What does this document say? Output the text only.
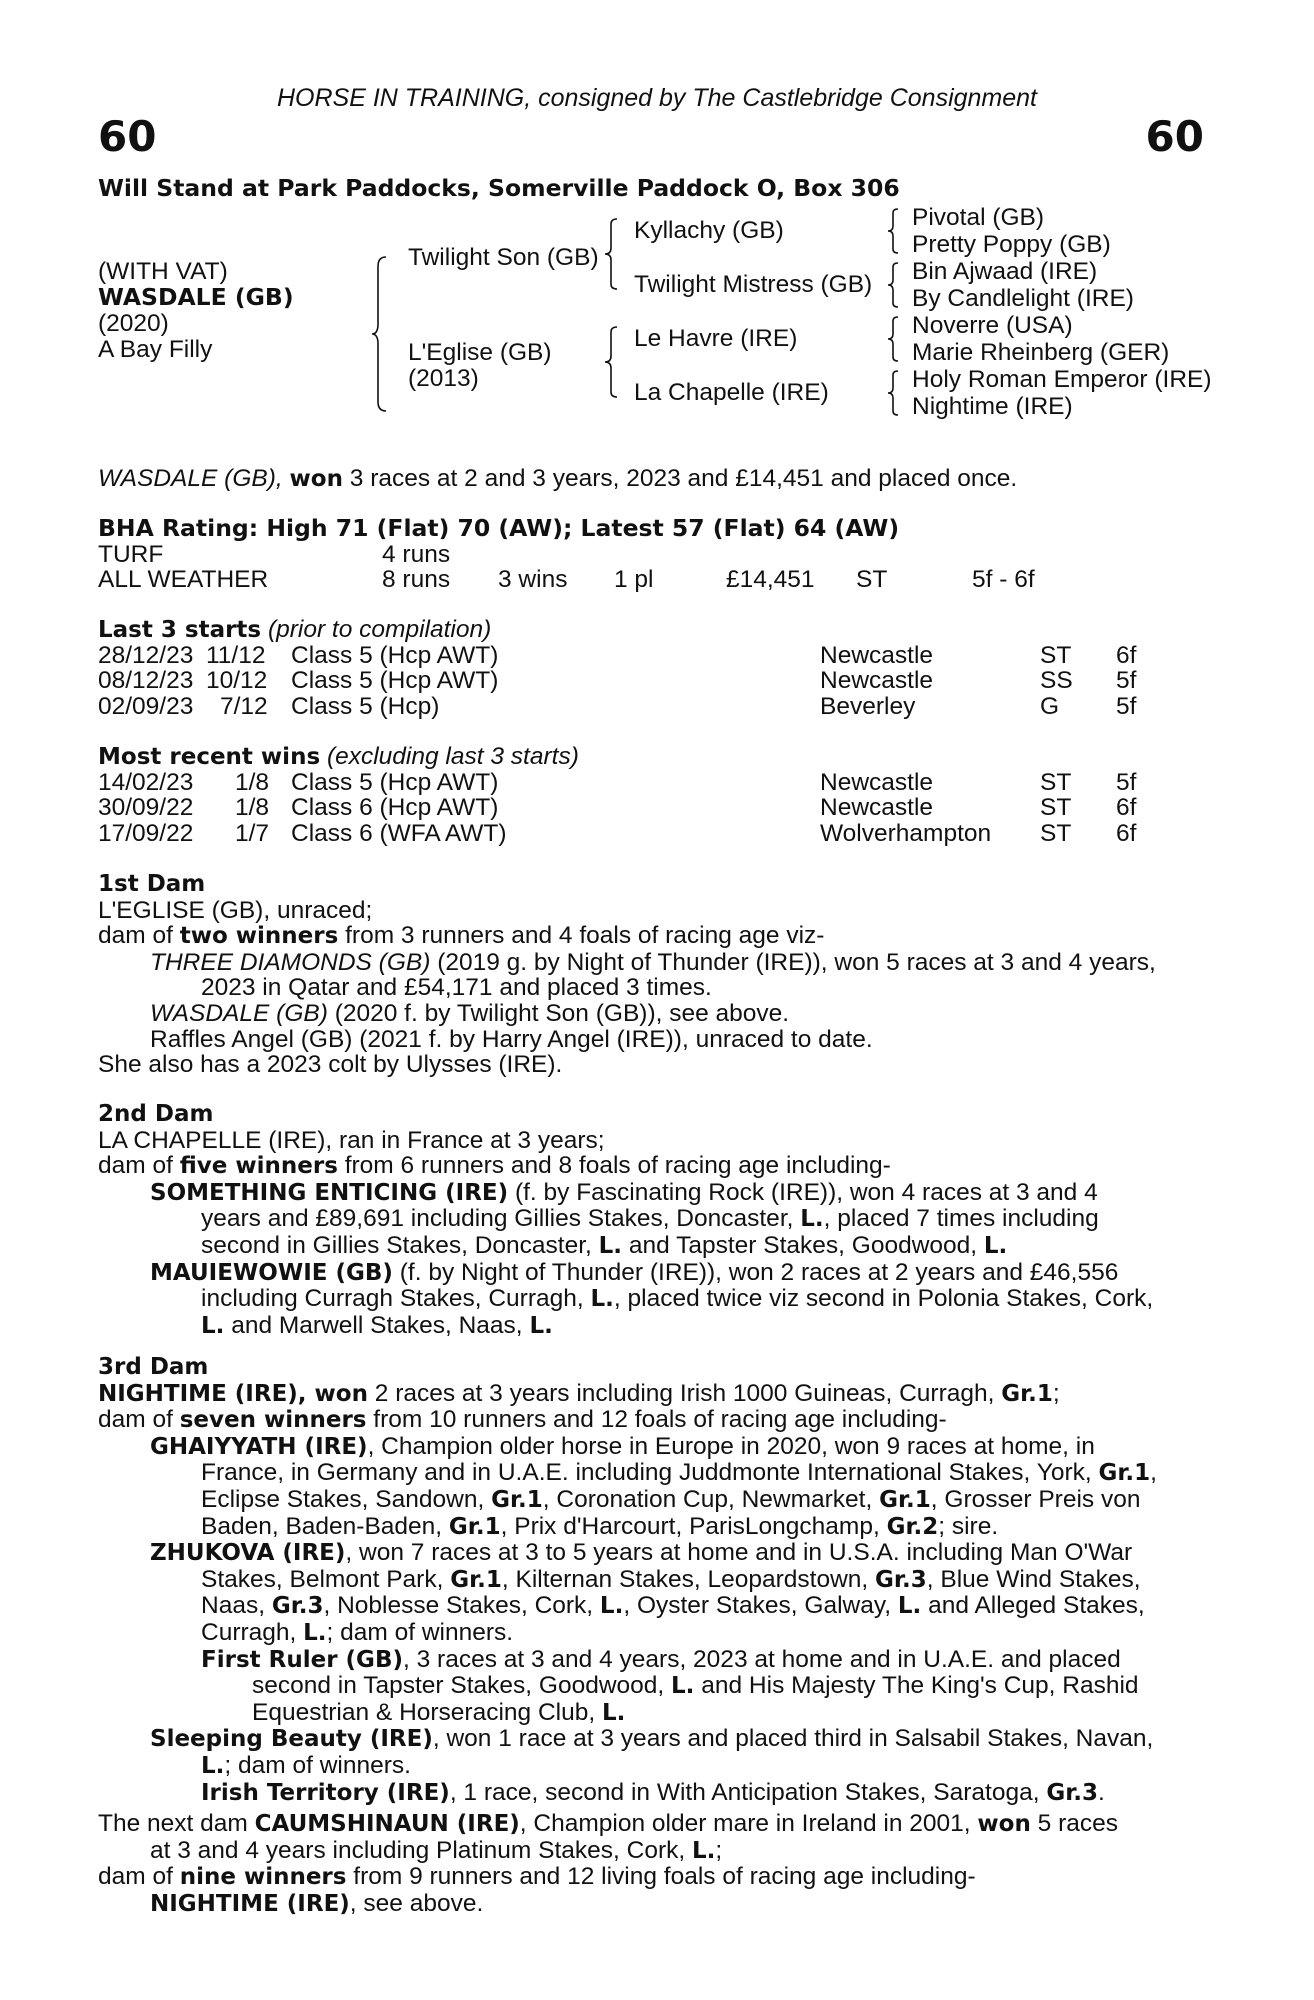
HORSE IN TRAINING, consigned by The Castlebridge Consignment
60	60
Will Stand at Park Paddocks, Somerville Paddock O, Box 306
(WITH VAT)
WASDALE (GB)
(2020)
A Bay Filly
Twilight Son (GB)
L'Eglise (GB)
(2013)
Kyllachy (GB)
Twilight Mistress (GB)
Le Havre (IRE)
La Chapelle (IRE)
Pivotal (GB)
Pretty Poppy (GB)
Bin Ajwaad (IRE)
By Candlelight (IRE)
Noverre (USA)
Marie Rheinberg (GER)
Holy Roman Emperor (IRE)
Nightime (IRE)
WASDALE (GB), won 3 races at 2 and 3 years, 2023 and £14,451 and placed once.
BHA Rating: High 71 (Flat) 70 (AW); Latest 57 (Flat) 64 (AW)
TURF	4 runs
ALL WEATHER	8 runs 3 wins 1 pl	£14,451 ST	5f - 6f
Last 3 starts (prior to compilation)
28/12/23 11/12 Class 5 (Hcp AWT)	Newcastle	ST 6f
08/12/23 10/12 Class 5 (Hcp AWT)	Newcastle	SS 5f
02/09/23 7/12 Class 5 (Hcp)	Beverley	G 5f
Most recent wins (excluding last 3 starts)
14/02/23 1/8 Class 5 (Hcp AWT)	Newcastle	ST 5f
30/09/22 1/8 Class 6 (Hcp AWT)	Newcastle	ST 6f
17/09/22 1/7 Class 6 (WFA AWT)	Wolverhampton ST 6f
1st Dam
L'EGLISE (GB), unraced;
dam of two winners from 3 runners and 4 foals of racing age viz-
THREE DIAMONDS (GB) (2019 g. by Night of Thunder (IRE)), won 5 races at 3 and 4 years,
2023 in Qatar and £54,171 and placed 3 times.
WASDALE (GB) (2020 f. by Twilight Son (GB)), see above.
Raffles Angel (GB) (2021 f. by Harry Angel (IRE)), unraced to date.
She also has a 2023 colt by Ulysses (IRE).
2nd Dam
LA CHAPELLE (IRE), ran in France at 3 years;
dam of five winners from 6 runners and 8 foals of racing age including-
SOMETHING ENTICING (IRE) (f. by Fascinating Rock (IRE)), won 4 races at 3 and 4
years and £89,691 including Gillies Stakes, Doncaster, L., placed 7 times including
second in Gillies Stakes, Doncaster, L. and Tapster Stakes, Goodwood, L.
MAUIEWOWIE (GB) (f. by Night of Thunder (IRE)), won 2 races at 2 years and £46,556
including Curragh Stakes, Curragh, L., placed twice viz second in Polonia Stakes, Cork,
L. and Marwell Stakes, Naas, L.
3rd Dam
NIGHTIME (IRE), won 2 races at 3 years including Irish 1000 Guineas, Curragh, Gr.1;
dam of seven winners from 10 runners and 12 foals of racing age including-
GHAIYYATH (IRE), Champion older horse in Europe in 2020, won 9 races at home, in
France, in Germany and in U.A.E. including Juddmonte International Stakes, York, Gr.1,
Eclipse Stakes, Sandown, Gr.1, Coronation Cup, Newmarket, Gr.1, Grosser Preis von
Baden, Baden-Baden, Gr.1, Prix d'Harcourt, ParisLongchamp, Gr.2; sire.
ZHUKOVA (IRE), won 7 races at 3 to 5 years at home and in U.S.A. including Man O'War
Stakes, Belmont Park, Gr.1, Kilternan Stakes, Leopardstown, Gr.3, Blue Wind Stakes,
Naas, Gr.3, Noblesse Stakes, Cork, L., Oyster Stakes, Galway, L. and Alleged Stakes,
Curragh, L.; dam of winners.
First Ruler (GB), 3 races at 3 and 4 years, 2023 at home and in U.A.E. and placed
second in Tapster Stakes, Goodwood, L. and His Majesty The King's Cup, Rashid
Equestrian & Horseracing Club, L.
Sleeping Beauty (IRE), won 1 race at 3 years and placed third in Salsabil Stakes, Navan,
L.; dam of winners.
Irish Territory (IRE), 1 race, second in With Anticipation Stakes, Saratoga, Gr.3.
The next dam CAUMSHINAUN (IRE), Champion older mare in Ireland in 2001, won 5 races
at 3 and 4 years including Platinum Stakes, Cork, L.;
dam of nine winners from 9 runners and 12 living foals of racing age including-
NIGHTIME (IRE), see above.
